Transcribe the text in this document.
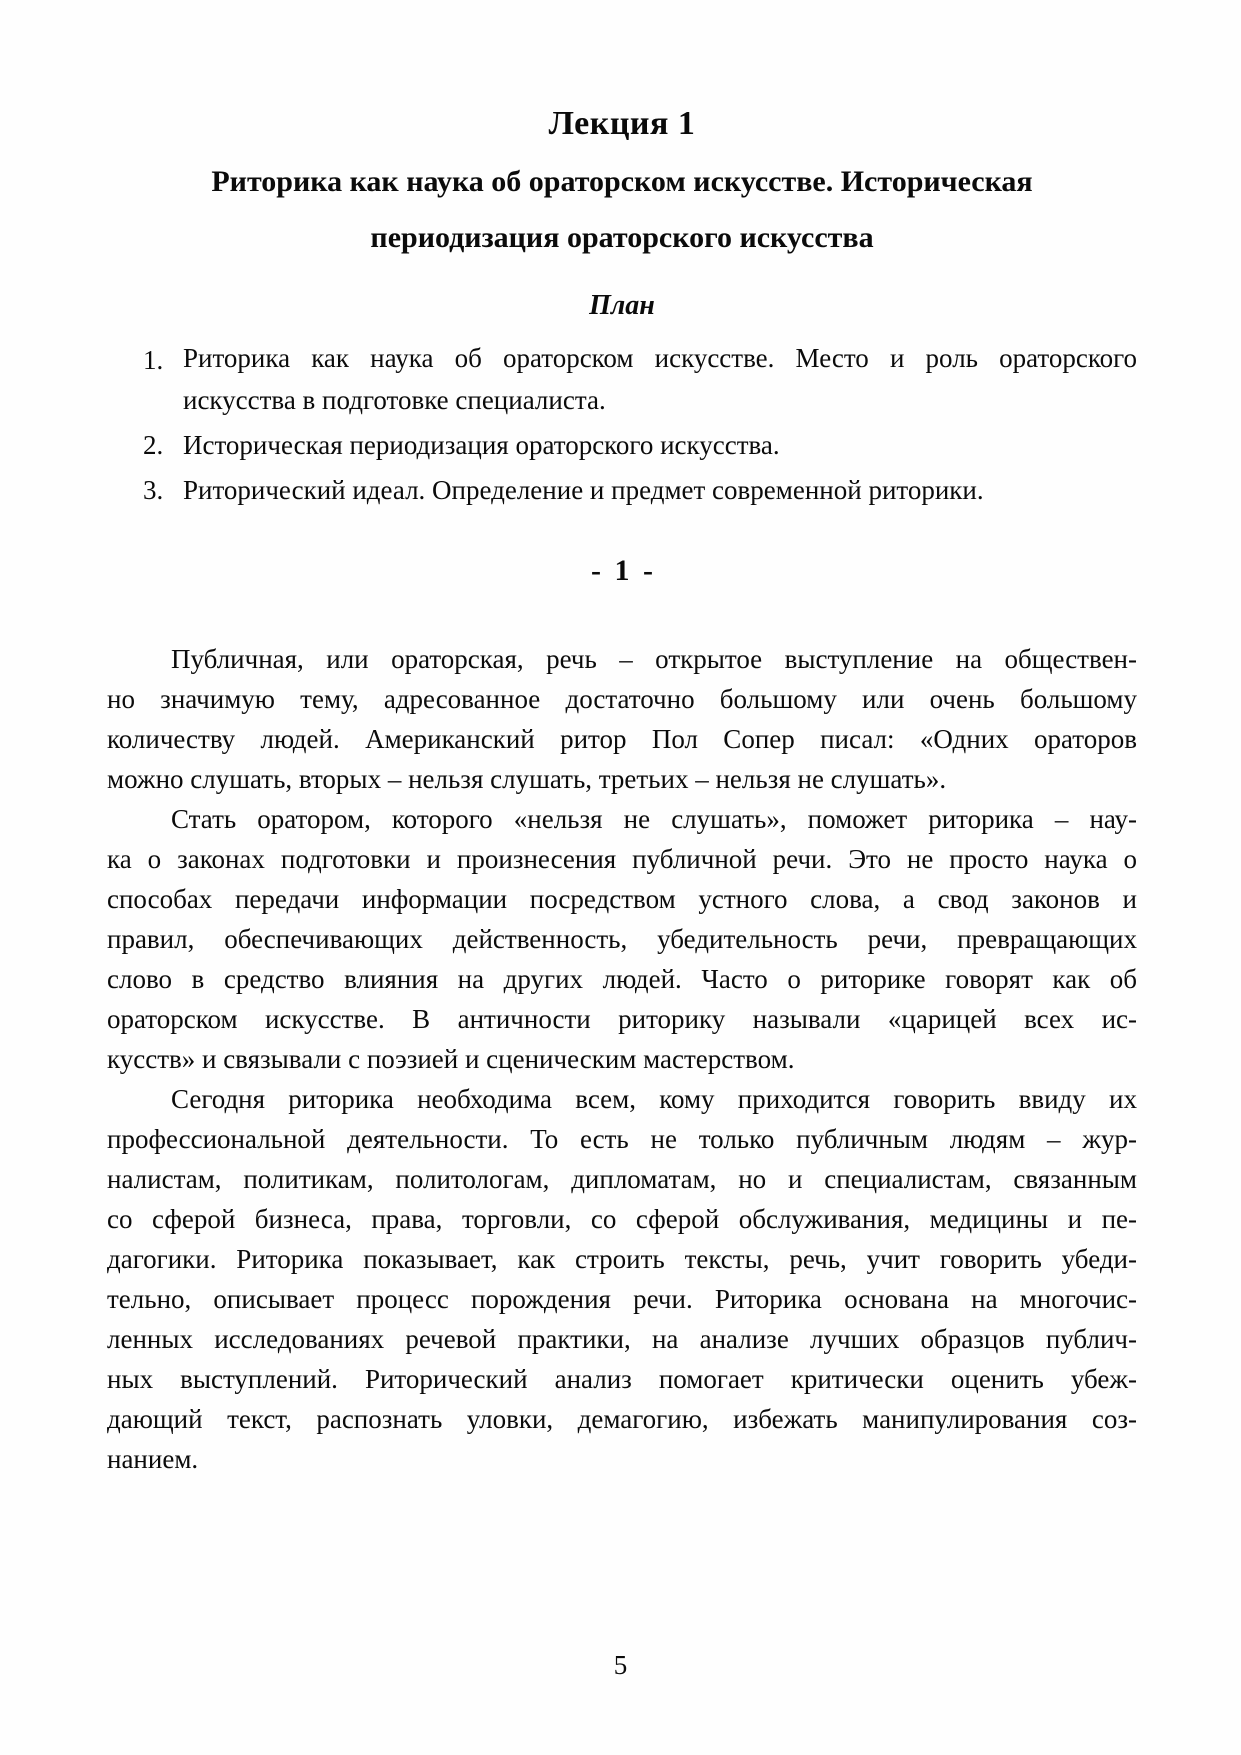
Лекция 1
Риторика как наука об ораторском искусстве. Историческая
периодизация ораторского искусства
План
1. Риторика как наука об ораторском искусстве. Место и роль ораторского
искусства в подготовке специалиста.
2. Историческая периодизация ораторского искусства.
3. Риторический идеал. Определение и предмет современной риторики.
- 1 -
Публичная, или ораторская, речь – открытое выступление на обществен-
но значимую тему, адресованное достаточно большому или очень большому
количеству людей. Американский ритор Пол Сопер писал: «Одних ораторов
можно слушать, вторых – нельзя слушать, третьих – нельзя не слушать».
Стать оратором, которого «нельзя не слушать», поможет риторика – нау-
ка о законах подготовки и произнесения публичной речи. Это не просто наука о
способах передачи информации посредством устного слова, а свод законов и
правил, обеспечивающих действенность, убедительность речи, превращающих
слово в средство влияния на других людей. Часто о риторике говорят как об
ораторском искусстве. В античности риторику называли «царицей всех ис-
кусств» и связывали с поэзией и сценическим мастерством.
Сегодня риторика необходима всем, кому приходится говорить ввиду их
профессиональной деятельности. То есть не только публичным людям – жур-
налистам, политикам, политологам, дипломатам, но и специалистам, связанным
со сферой бизнеса, права, торговли, со сферой обслуживания, медицины и пе-
дагогики. Риторика показывает, как строить тексты, речь, учит говорить убеди-
тельно, описывает процесс порождения речи. Риторика основана на многочис-
ленных исследованиях речевой практики, на анализе лучших образцов публич-
ных выступлений. Риторический анализ помогает критически оценить убеж-
дающий текст, распознать уловки, демагогию, избежать манипулирования соз-
нанием.
5
